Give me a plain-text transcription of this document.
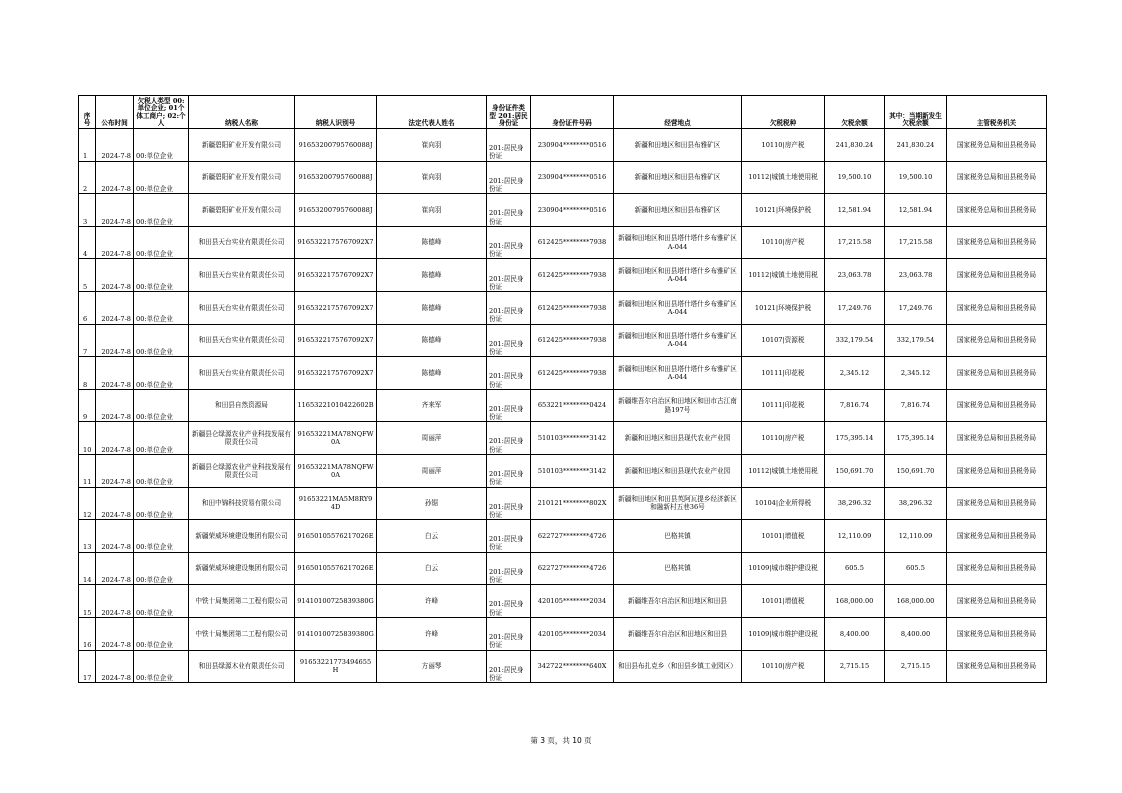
序号	公布时间	欠税人类型 00:单位企业; 01个体工商户; 02:个人	纳税人名称	纳税人识别号	法定代表人姓名	身份证件类型 201:居民身份证	身份证件号码	经营地点	欠税税种	欠税余额	其中：当期新发生欠税余额	主管税务机关
1	2024-7-8	00:单位企业	新疆碧阳矿业开发有限公司	91653200795760088J	崔向羽	201:居民身份证	230904********0516	新疆和田地区和田县布雅矿区	10110|房产税	241,830.24	241,830.24	国家税务总局和田县税务局
2	2024-7-8	00:单位企业	新疆碧阳矿业开发有限公司	91653200795760088J	崔向羽	201:居民身份证	230904********0516	新疆和田地区和田县布雅矿区	10112|城镇土地使用税	19,500.10	19,500.10	国家税务总局和田县税务局
3	2024-7-8	00:单位企业	新疆碧阳矿业开发有限公司	91653200795760088J	崔向羽	201:居民身份证	230904********0516	新疆和田地区和田县布雅矿区	10121|环境保护税	12,581.94	12,581.94	国家税务总局和田县税务局
4	2024-7-8	00:单位企业	和田县天台实业有限责任公司	9165322175767092X7	陈德峰	201:居民身份证	612425********7938	新疆和田地区和田县塔什塔什乡布雅矿区A-044	10110|房产税	17,215.58	17,215.58	国家税务总局和田县税务局
5	2024-7-8	00:单位企业	和田县天台实业有限责任公司	9165322175767092X7	陈德峰	201:居民身份证	612425********7938	新疆和田地区和田县塔什塔什乡布雅矿区A-044	10112|城镇土地使用税	23,063.78	23,063.78	国家税务总局和田县税务局
6	2024-7-8	00:单位企业	和田县天台实业有限责任公司	9165322175767092X7	陈德峰	201:居民身份证	612425********7938	新疆和田地区和田县塔什塔什乡布雅矿区A-044	10121|环境保护税	17,249.76	17,249.76	国家税务总局和田县税务局
7	2024-7-8	00:单位企业	和田县天台实业有限责任公司	9165322175767092X7	陈德峰	201:居民身份证	612425********7938	新疆和田地区和田县塔什塔什乡布雅矿区A-044	10107|资源税	332,179.54	332,179.54	国家税务总局和田县税务局
8	2024-7-8	00:单位企业	和田县天台实业有限责任公司	9165322175767092X7	陈德峰	201:居民身份证	612425********7938	新疆和田地区和田县塔什塔什乡布雅矿区A-044	10111|印花税	2,345.12	2,345.12	国家税务总局和田县税务局
9	2024-7-8	00:单位企业	和田县自然资源局	11653221010422602B	齐来军	201:居民身份证	653221********0424	新疆维吾尔自治区和田地区和田市古江南路197号	10111|印花税	7,816.74	7,816.74	国家税务总局和田县税务局
10	2024-7-8	00:单位企业	新疆县仑绿源农业产业科技发展有限责任公司	91653221MA78NQFW0A	周丽萍	201:居民身份证	510103********3142	新疆和田地区和田县现代农业产业园	10110|房产税	175,395.14	175,395.14	国家税务总局和田县税务局
11	2024-7-8	00:单位企业	新疆县仑绿源农业产业科技发展有限责任公司	91653221MA78NQFW0A	周丽萍	201:居民身份证	510103********3142	新疆和田地区和田县现代农业产业园	10112|城镇土地使用税	150,691.70	150,691.70	国家税务总局和田县税务局
12	2024-7-8	00:单位企业	和田中锦科技贸易有限公司	91653221MA5M8RY94D	孙锯	201:居民身份证	210121********802X	新疆和田地区和田县英阿瓦提乡经济新区和融新村五巷36号	10104|企业所得税	38,296.32	38,296.32	国家税务总局和田县税务局
13	2024-7-8	00:单位企业	新疆荣威环境建设集团有限公司	91650105576217026E	白云	201:居民身份证	622727********4726	巴格其镇	10101|增值税	12,110.09	12,110.09	国家税务总局和田县税务局
14	2024-7-8	00:单位企业	新疆荣威环境建设集团有限公司	91650105576217026E	白云	201:居民身份证	622727********4726	巴格其镇	10109|城市维护建设税	605.5	605.5	国家税务总局和田县税务局
15	2024-7-8	00:单位企业	中铁十局集团第二工程有限公司	91410100725839380G	许峰	201:居民身份证	420105********2034	新疆维吾尔自治区和田地区和田县	10101|增值税	168,000.00	168,000.00	国家税务总局和田县税务局
16	2024-7-8	00:单位企业	中铁十局集团第二工程有限公司	91410100725839380G	许峰	201:居民身份证	420105********2034	新疆维吾尔自治区和田地区和田县	10109|城市维护建设税	8,400.00	8,400.00	国家税务总局和田县税务局
17	2024-7-8	00:单位企业	和田县绿源木业有限责任公司	91653221773494655H	方丽琴	201:居民身份证	342722********640X	和田县布扎克乡（和田县乡镇工业园区）	10110|房产税	2,715.15	2,715.15	国家税务总局和田县税务局
第 3 页，共 10 页
